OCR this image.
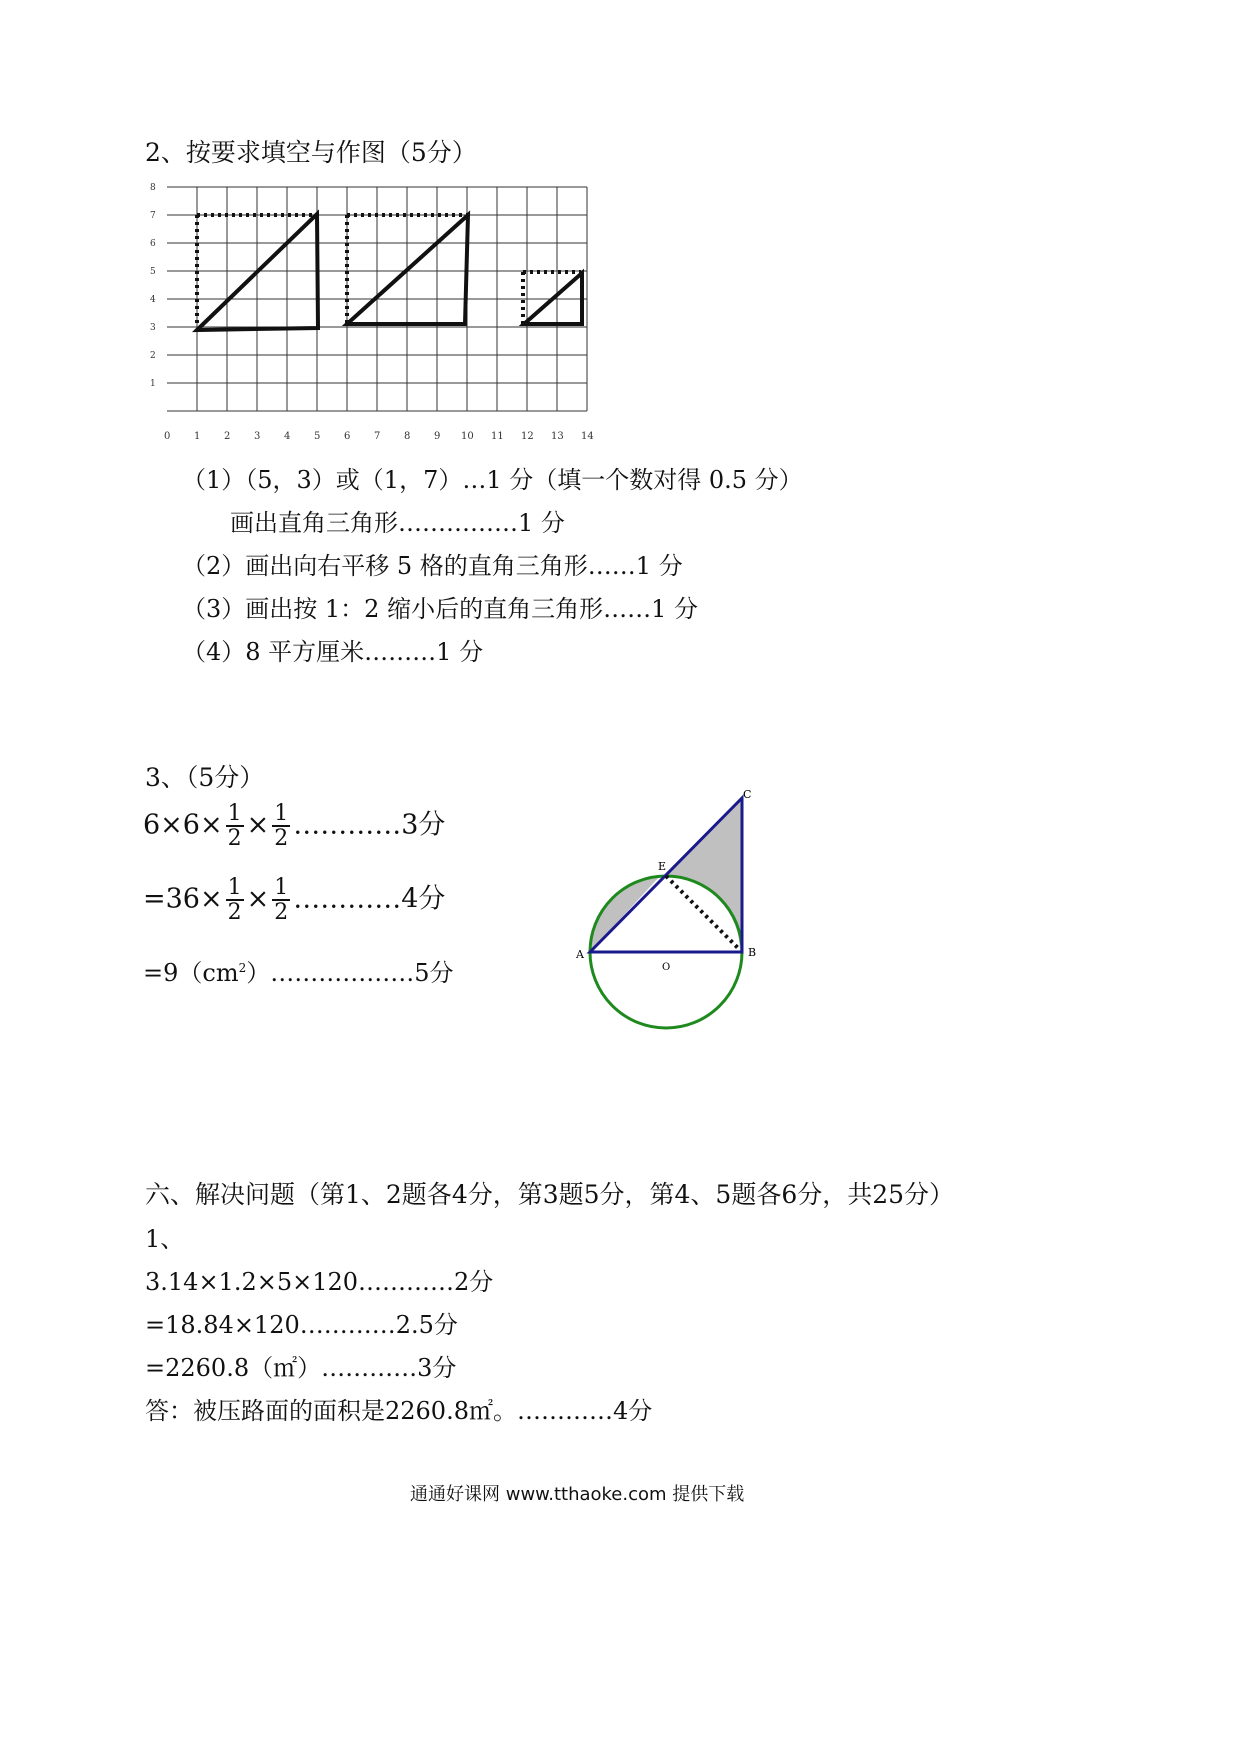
2、按要求填空与作图（5分）
8
7
6
5
4
3
2
1
0 1 2 3 4 5 6 7 8 9 10 11 12 13 14
（1）（5，3）或（1，7）…1 分（填一个数对得 0.5 分）
画出直角三角形……………1 分
（2）画出向右平移 5 格的直角三角形……1 分
（3）画出按 1：2 缩小后的直角三角形……1 分
（4）8 平方厘米………1 分
3、（5分）
$6\times 6\times \frac{1}{2} \times \frac{1}{2}$ …………3分
$=36\times \frac{1}{2} \times \frac{1}{2}$ …………4分
$=9(cm^2)\dots\dots\dots\dots\dots\dots 5$分
A	B
C
E
O
六、解决问题（第1、2题各4分，第3题5分，第4、5题各6分，共25分）
1、
3.14×1.2×5×120…………2分
=18.84×120…………2.5分
=2260.8（㎡）…………3分
答：被压路面的面积是2260.8㎡。…………4分
通通好课网 www.tthaoke.com 提供下载
